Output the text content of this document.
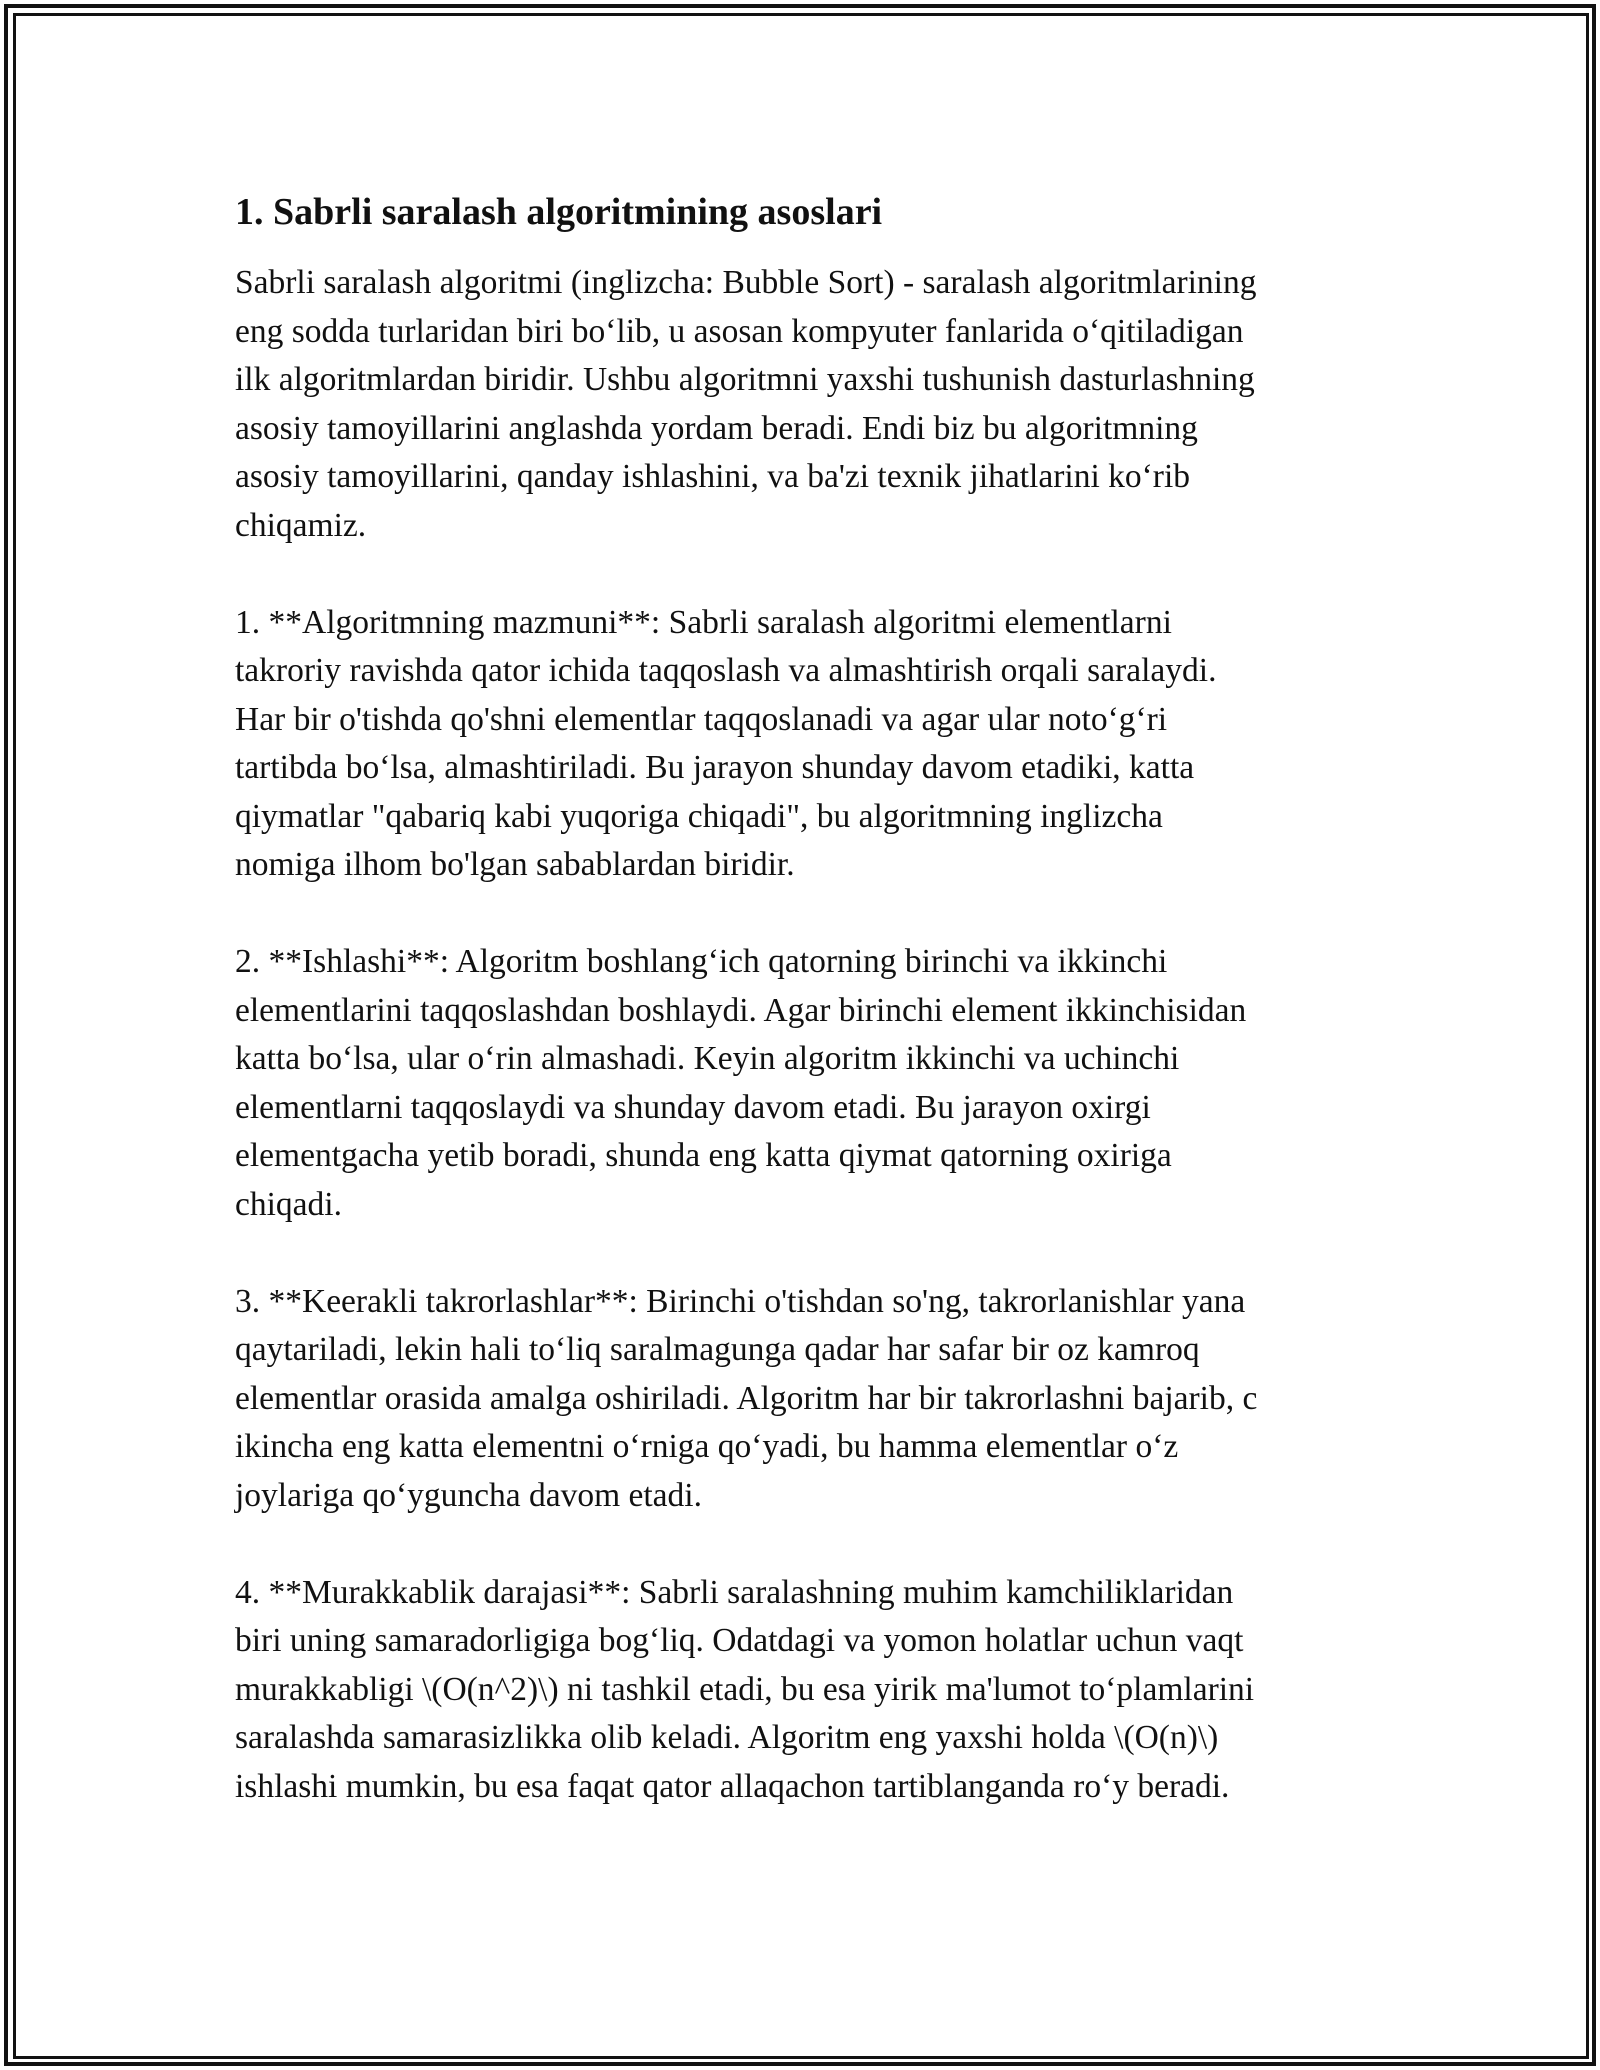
1. Sabrli saralash algoritmining asoslari
Sabrli saralash algoritmi (inglizcha: Bubble Sort) - saralash algoritmlarining
eng sodda turlaridan biri bo‘lib, u asosan kompyuter fanlarida o‘qitiladigan
ilk algoritmlardan biridir. Ushbu algoritmni yaxshi tushunish dasturlashning
asosiy tamoyillarini anglashda yordam beradi. Endi biz bu algoritmning
asosiy tamoyillarini, qanday ishlashini, va ba'zi texnik jihatlarini ko‘rib
chiqamiz.
1. **Algoritmning mazmuni**: Sabrli saralash algoritmi elementlarni
takroriy ravishda qator ichida taqqoslash va almashtirish orqali saralaydi.
Har bir o'tishda qo'shni elementlar taqqoslanadi va agar ular noto‘g‘ri
tartibda bo‘lsa, almashtiriladi. Bu jarayon shunday davom etadiki, katta
qiymatlar "qabariq kabi yuqoriga chiqadi", bu algoritmning inglizcha
nomiga ilhom bo'lgan sabablardan biridir.
2. **Ishlashi**: Algoritm boshlang‘ich qatorning birinchi va ikkinchi
elementlarini taqqoslashdan boshlaydi. Agar birinchi element ikkinchisidan
katta bo‘lsa, ular o‘rin almashadi. Keyin algoritm ikkinchi va uchinchi
elementlarni taqqoslaydi va shunday davom etadi. Bu jarayon oxirgi
elementgacha yetib boradi, shunda eng katta qiymat qatorning oxiriga
chiqadi.
3. **Keerakli takrorlashlar**: Birinchi o'tishdan so'ng, takrorlanishlar yana
qaytariladi, lekin hali to‘liq saralmagunga qadar har safar bir oz kamroq
elementlar orasida amalga oshiriladi. Algoritm har bir takrorlashni bajarib, c
ikincha eng katta elementni o‘rniga qo‘yadi, bu hamma elementlar o‘z
joylariga qo‘yguncha davom etadi.
4. **Murakkablik darajasi**: Sabrli saralashning muhim kamchiliklaridan
biri uning samaradorligiga bog‘liq. Odatdagi va yomon holatlar uchun vaqt
murakkabligi \(O(n^2)\) ni tashkil etadi, bu esa yirik ma'lumot to‘plamlarini
saralashda samarasizlikka olib keladi. Algoritm eng yaxshi holda \(O(n)\)
ishlashi mumkin, bu esa faqat qator allaqachon tartiblanganda ro‘y beradi.
